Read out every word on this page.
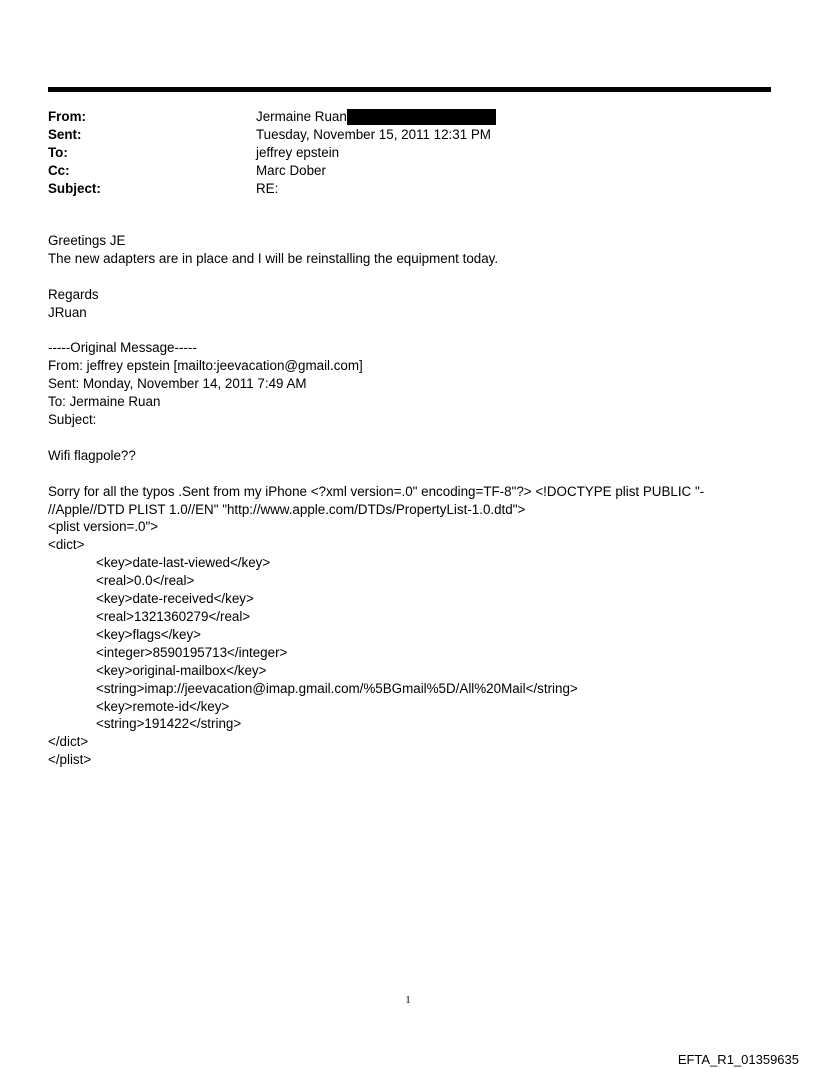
From:	Jermaine Ruan
Sent:	Tuesday, November 15, 2011 12:31 PM
To:	jeffrey epstein
Cc:	Marc Dober
Subject:	RE:
Greetings JE
The new adapters are in place and I will be reinstalling the equipment today.
Regards
JRuan
-----Original Message-----
From: jeffrey epstein [mailto:jeevacation@gmail.com]
Sent: Monday, November 14, 2011 7:49 AM
To: Jermaine Ruan
Subject:
Wifi flagpole??
Sorry for all the typos .Sent from my iPhone <?xml version=.0" encoding=TF-8"?> <!DOCTYPE plist PUBLIC "-
//Apple//DTD PLIST 1.0//EN" "http://www.apple.com/DTDs/PropertyList-1.0.dtd">
<plist version=.0">
<dict>
<key>date-last-viewed</key>
<real>0.0</real>
<key>date-received</key>
<real>1321360279</real>
<key>flags</key>
<integer>8590195713</integer>
<key>original-mailbox</key>
<string>imap://jeevacation@imap.gmail.com/%5BGmail%5D/All%20Mail</string>
<key>remote-id</key>
<string>191422</string>
</dict>
</plist>
1
EFTA_R1_01359635
